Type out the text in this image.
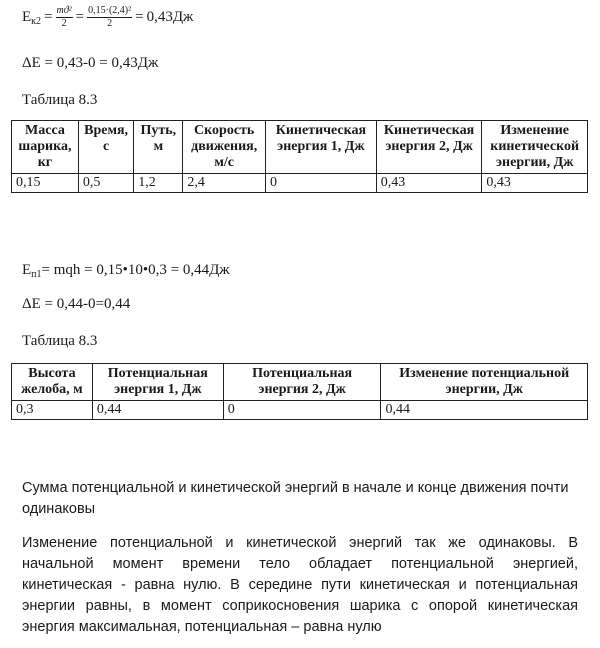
$E_{к2} = \frac{\text{mϑ²}}{2} = \frac{\text{0,15·(2,4)²}}{2} = 0,43Дж$
ΔE = 0,43-0 = 0,43Дж
Таблица 8.3
Масса шарика, кг	Время, с	Путь, м	Скорость движения, м/с	Кинетическая энергия 1, Дж	Кинетическая энергия 2, Дж	Изменение кинетической энергии, Дж
0,15	0,5	1,2	2,4	0	0,43	0,43
$E_{п1}=$ mqh = 0,15•10•0,3 = 0,44Дж
ΔE = 0,44-0=0,44
Таблица 8.3
Высота желоба, м	Потенциальная энергия 1, Дж	Потенциальная энергия 2, Дж	Изменение потенциальной энергии, Дж
0,3	0,44	0	0,44
Сумма потенциальной и кинетической энергий в начале и конце движения почти одинаковы
Изменение потенциальной и кинетической энергий так же одинаковы. В начальной момент времени тело обладает потенциальной энергией, кинетическая - равна нулю. В середине пути кинетическая и потенциальная энергии равны, в момент соприкосновения шарика с опорой кинетическая энергия максимальная, потенциальная – равна нулю
